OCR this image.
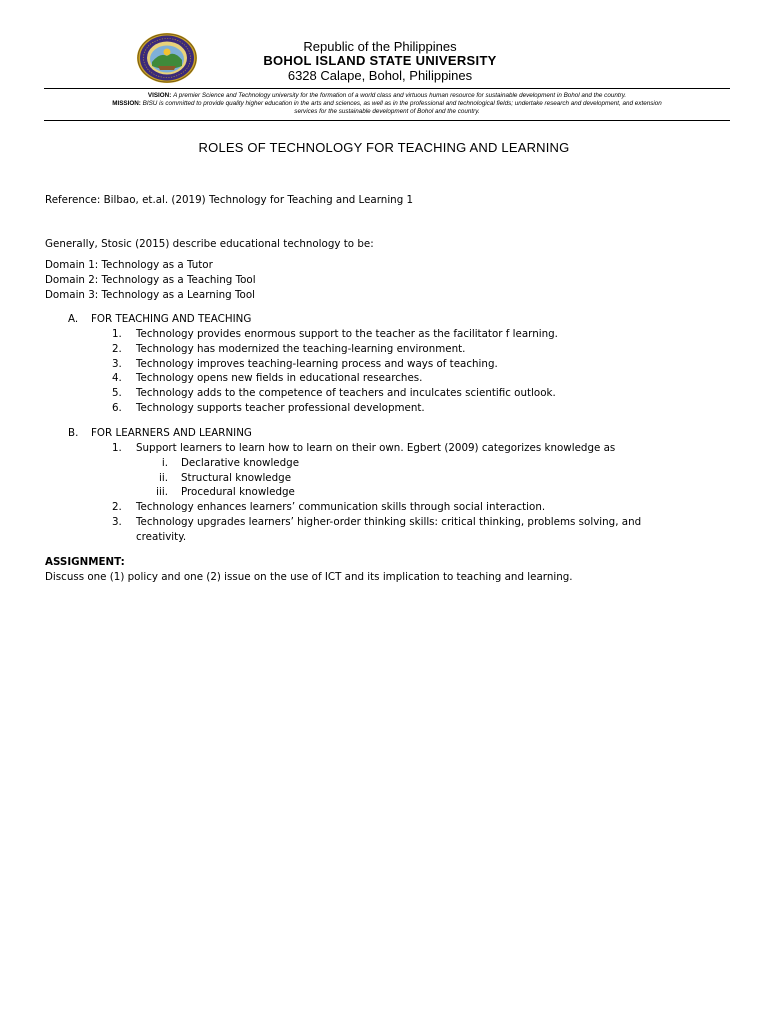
Republic of the Philippines
BOHOL ISLAND STATE UNIVERSITY
6328 Calape, Bohol, Philippines
VISION: A premier Science and Technology university for the formation of a world class and virtuous human resource for sustainable development in Bohol and the country.
MISSION: BISU is committed to provide quality higher education in the arts and sciences, as well as in the professional and technological fields; undertake research and development, and extension
services for the sustainable development of Bohol and the country.
ROLES OF TECHNOLOGY FOR TEACHING AND LEARNING
Reference: Bilbao, et.al. (2019) Technology for Teaching and Learning 1
Generally, Stosic (2015) describe educational technology to be:
Domain 1: Technology as a Tutor
Domain 2: Technology as a Teaching Tool
Domain 3: Technology as a Learning Tool
A. FOR TEACHING AND TEACHING
1. Technology provides enormous support to the teacher as the facilitator f learning.
2. Technology has modernized the teaching-learning environment.
3. Technology improves teaching-learning process and ways of teaching.
4. Technology opens new fields in educational researches.
5. Technology adds to the competence of teachers and inculcates scientific outlook.
6. Technology supports teacher professional development.
B. FOR LEARNERS AND LEARNING
1. Support learners to learn how to learn on their own. Egbert (2009) categorizes knowledge as
i. Declarative knowledge
ii. Structural knowledge
iii. Procedural knowledge
2. Technology enhances learners’ communication skills through social interaction.
3. Technology upgrades learners’ higher-order thinking skills: critical thinking, problems solving, and
creativity.
ASSIGNMENT:
Discuss one (1) policy and one (2) issue on the use of ICT and its implication to teaching and learning.
